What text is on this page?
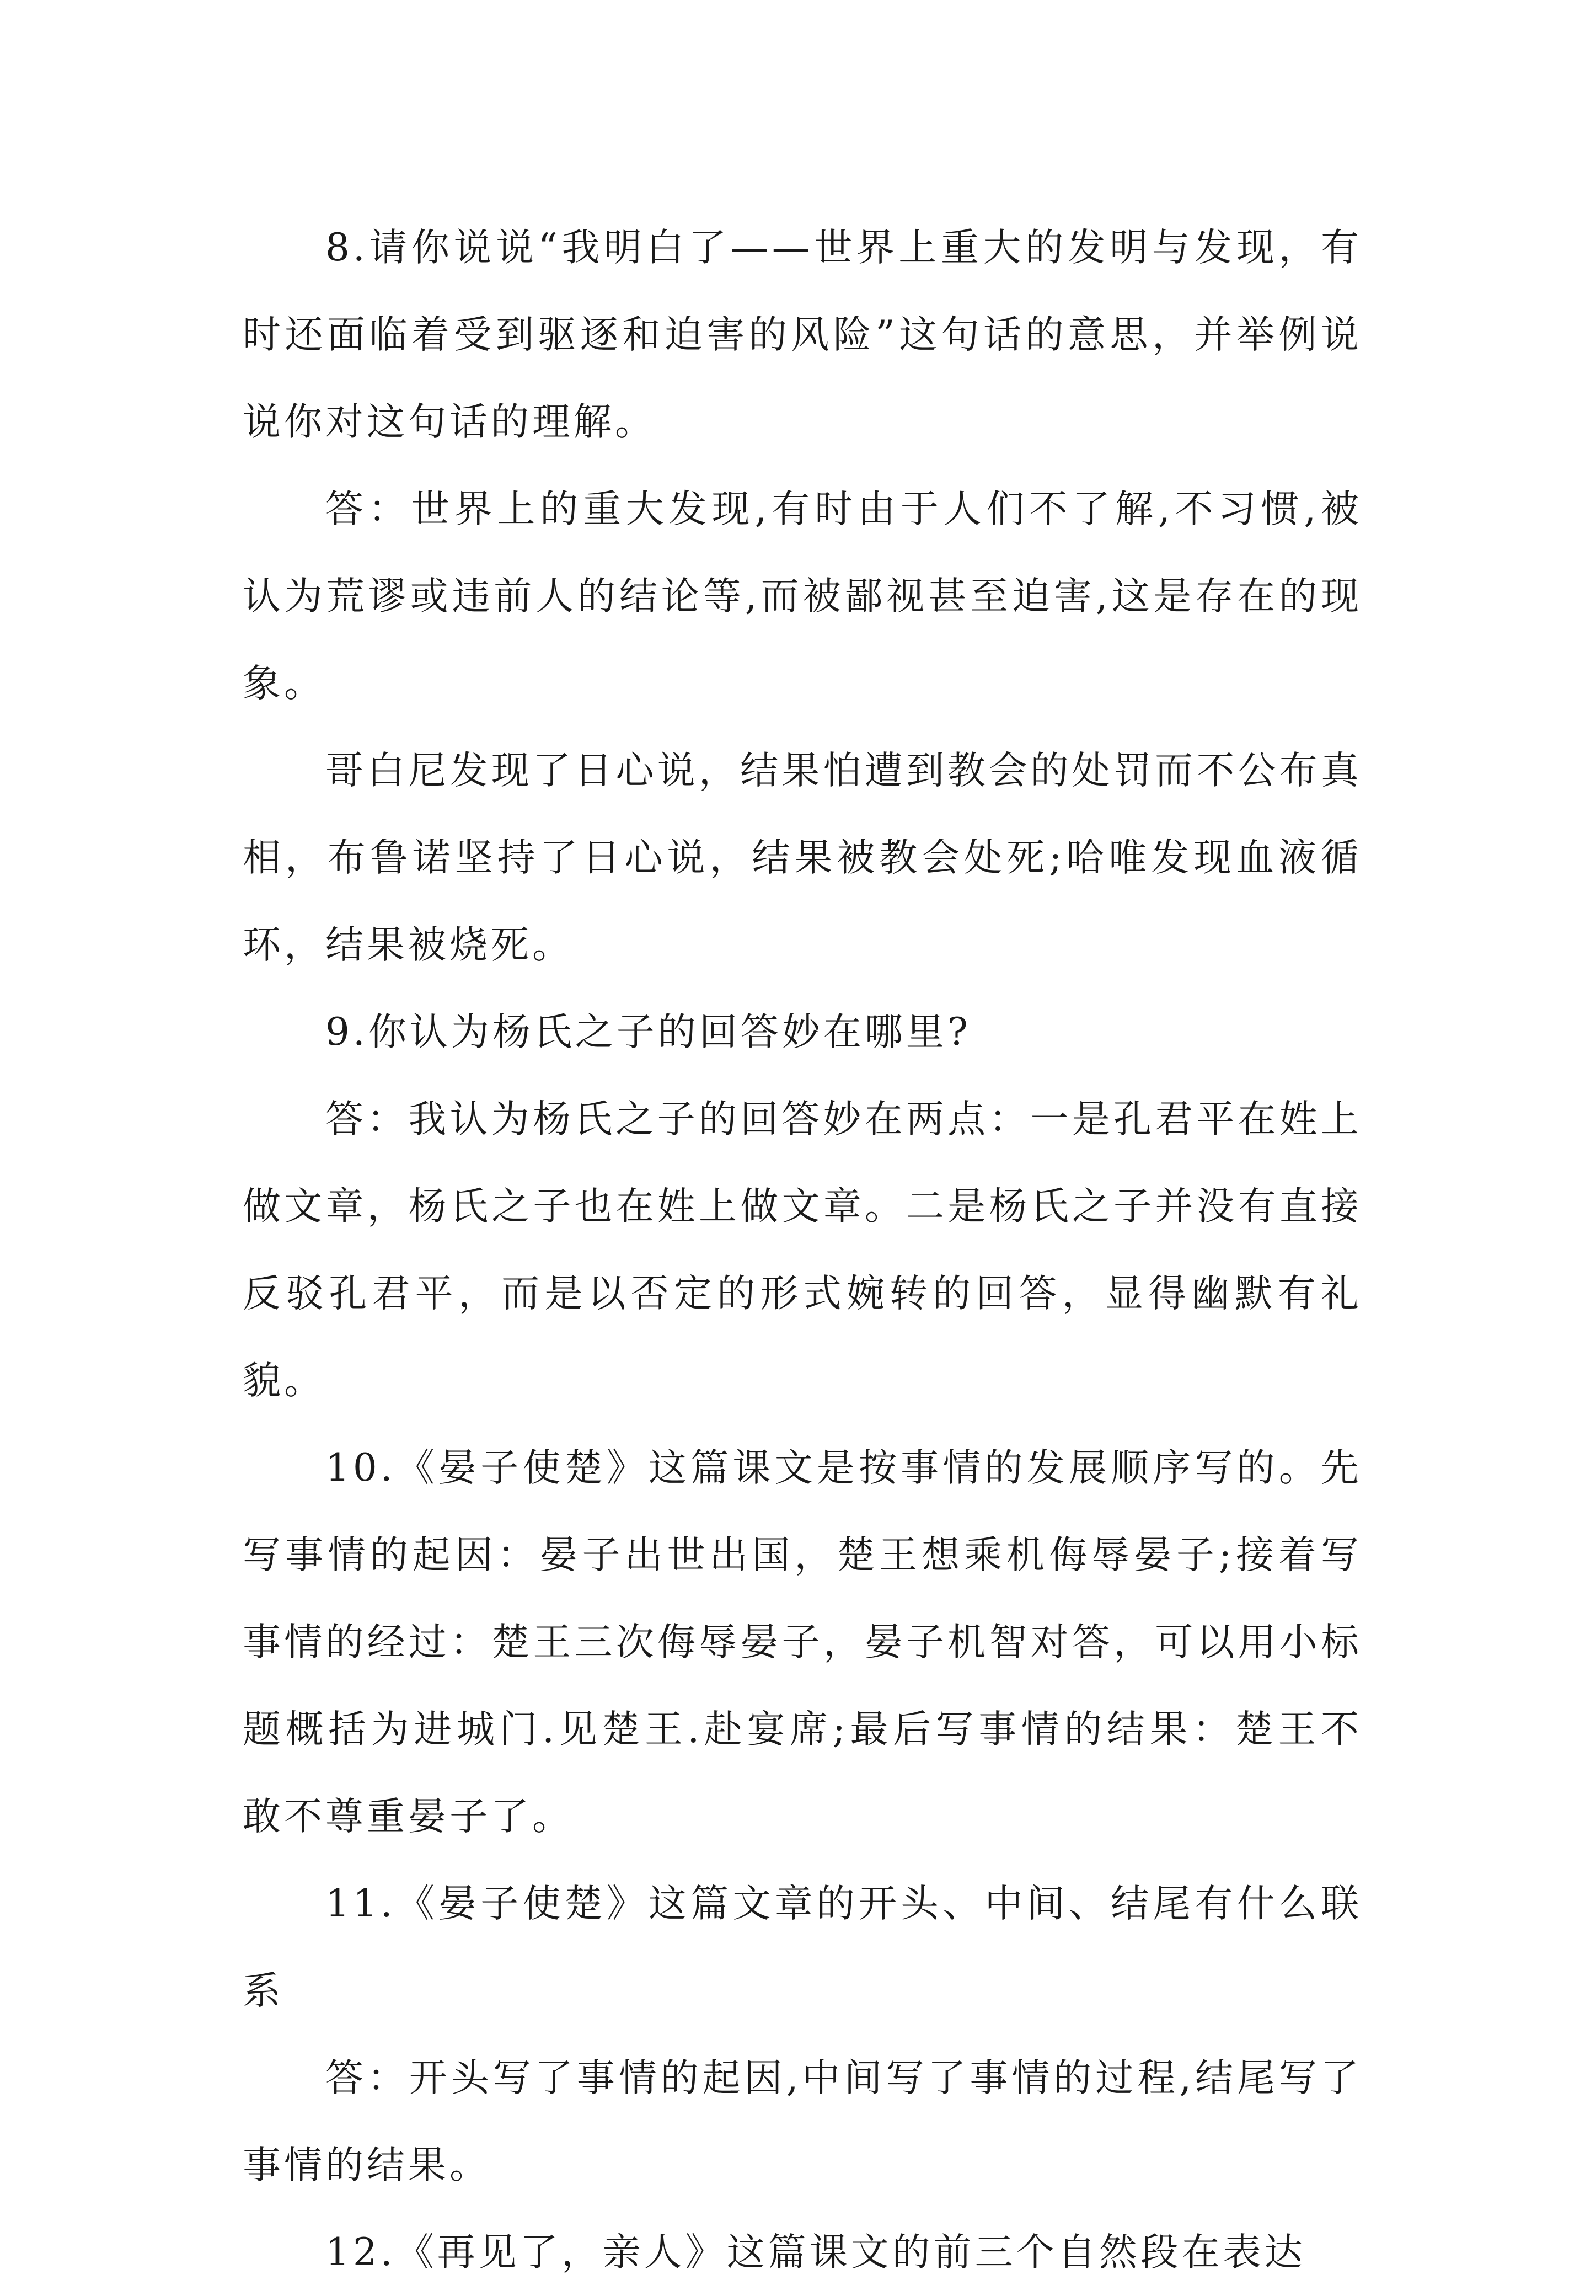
8.请你说说“我明白了——世界上重大的发明与发现，有时还面临着受到驱逐和迫害的风险”这句话的意思，并举例说说你对这句话的理解。

答：世界上的重大发现,有时由于人们不了解,不习惯,被认为荒谬或违前人的结论等,而被鄙视甚至迫害,这是存在的现象。

哥白尼发现了日心说，结果怕遭到教会的处罚而不公布真相，布鲁诺坚持了日心说，结果被教会处死;哈唯发现血液循环，结果被烧死。

9.你认为杨氏之子的回答妙在哪里?

答：我认为杨氏之子的回答妙在两点：一是孔君平在姓上做文章，杨氏之子也在姓上做文章。二是杨氏之子并没有直接反驳孔君平，而是以否定的形式婉转的回答，显得幽默有礼貌。

10.《晏子使楚》这篇课文是按事情的发展顺序写的。先写事情的起因：晏子出世出国，楚王想乘机侮辱晏子;接着写事情的经过：楚王三次侮辱晏子，晏子机智对答，可以用小标题概括为进城门.见楚王.赴宴席;最后写事情的结果：楚王不敢不尊重晏子了。

11.《晏子使楚》这篇文章的开头、中间、结尾有什么联系

答：开头写了事情的起因,中间写了事情的过程,结尾写了事情的结果。

12.《再见了，亲人》这篇课文的前三个自然段在表达
